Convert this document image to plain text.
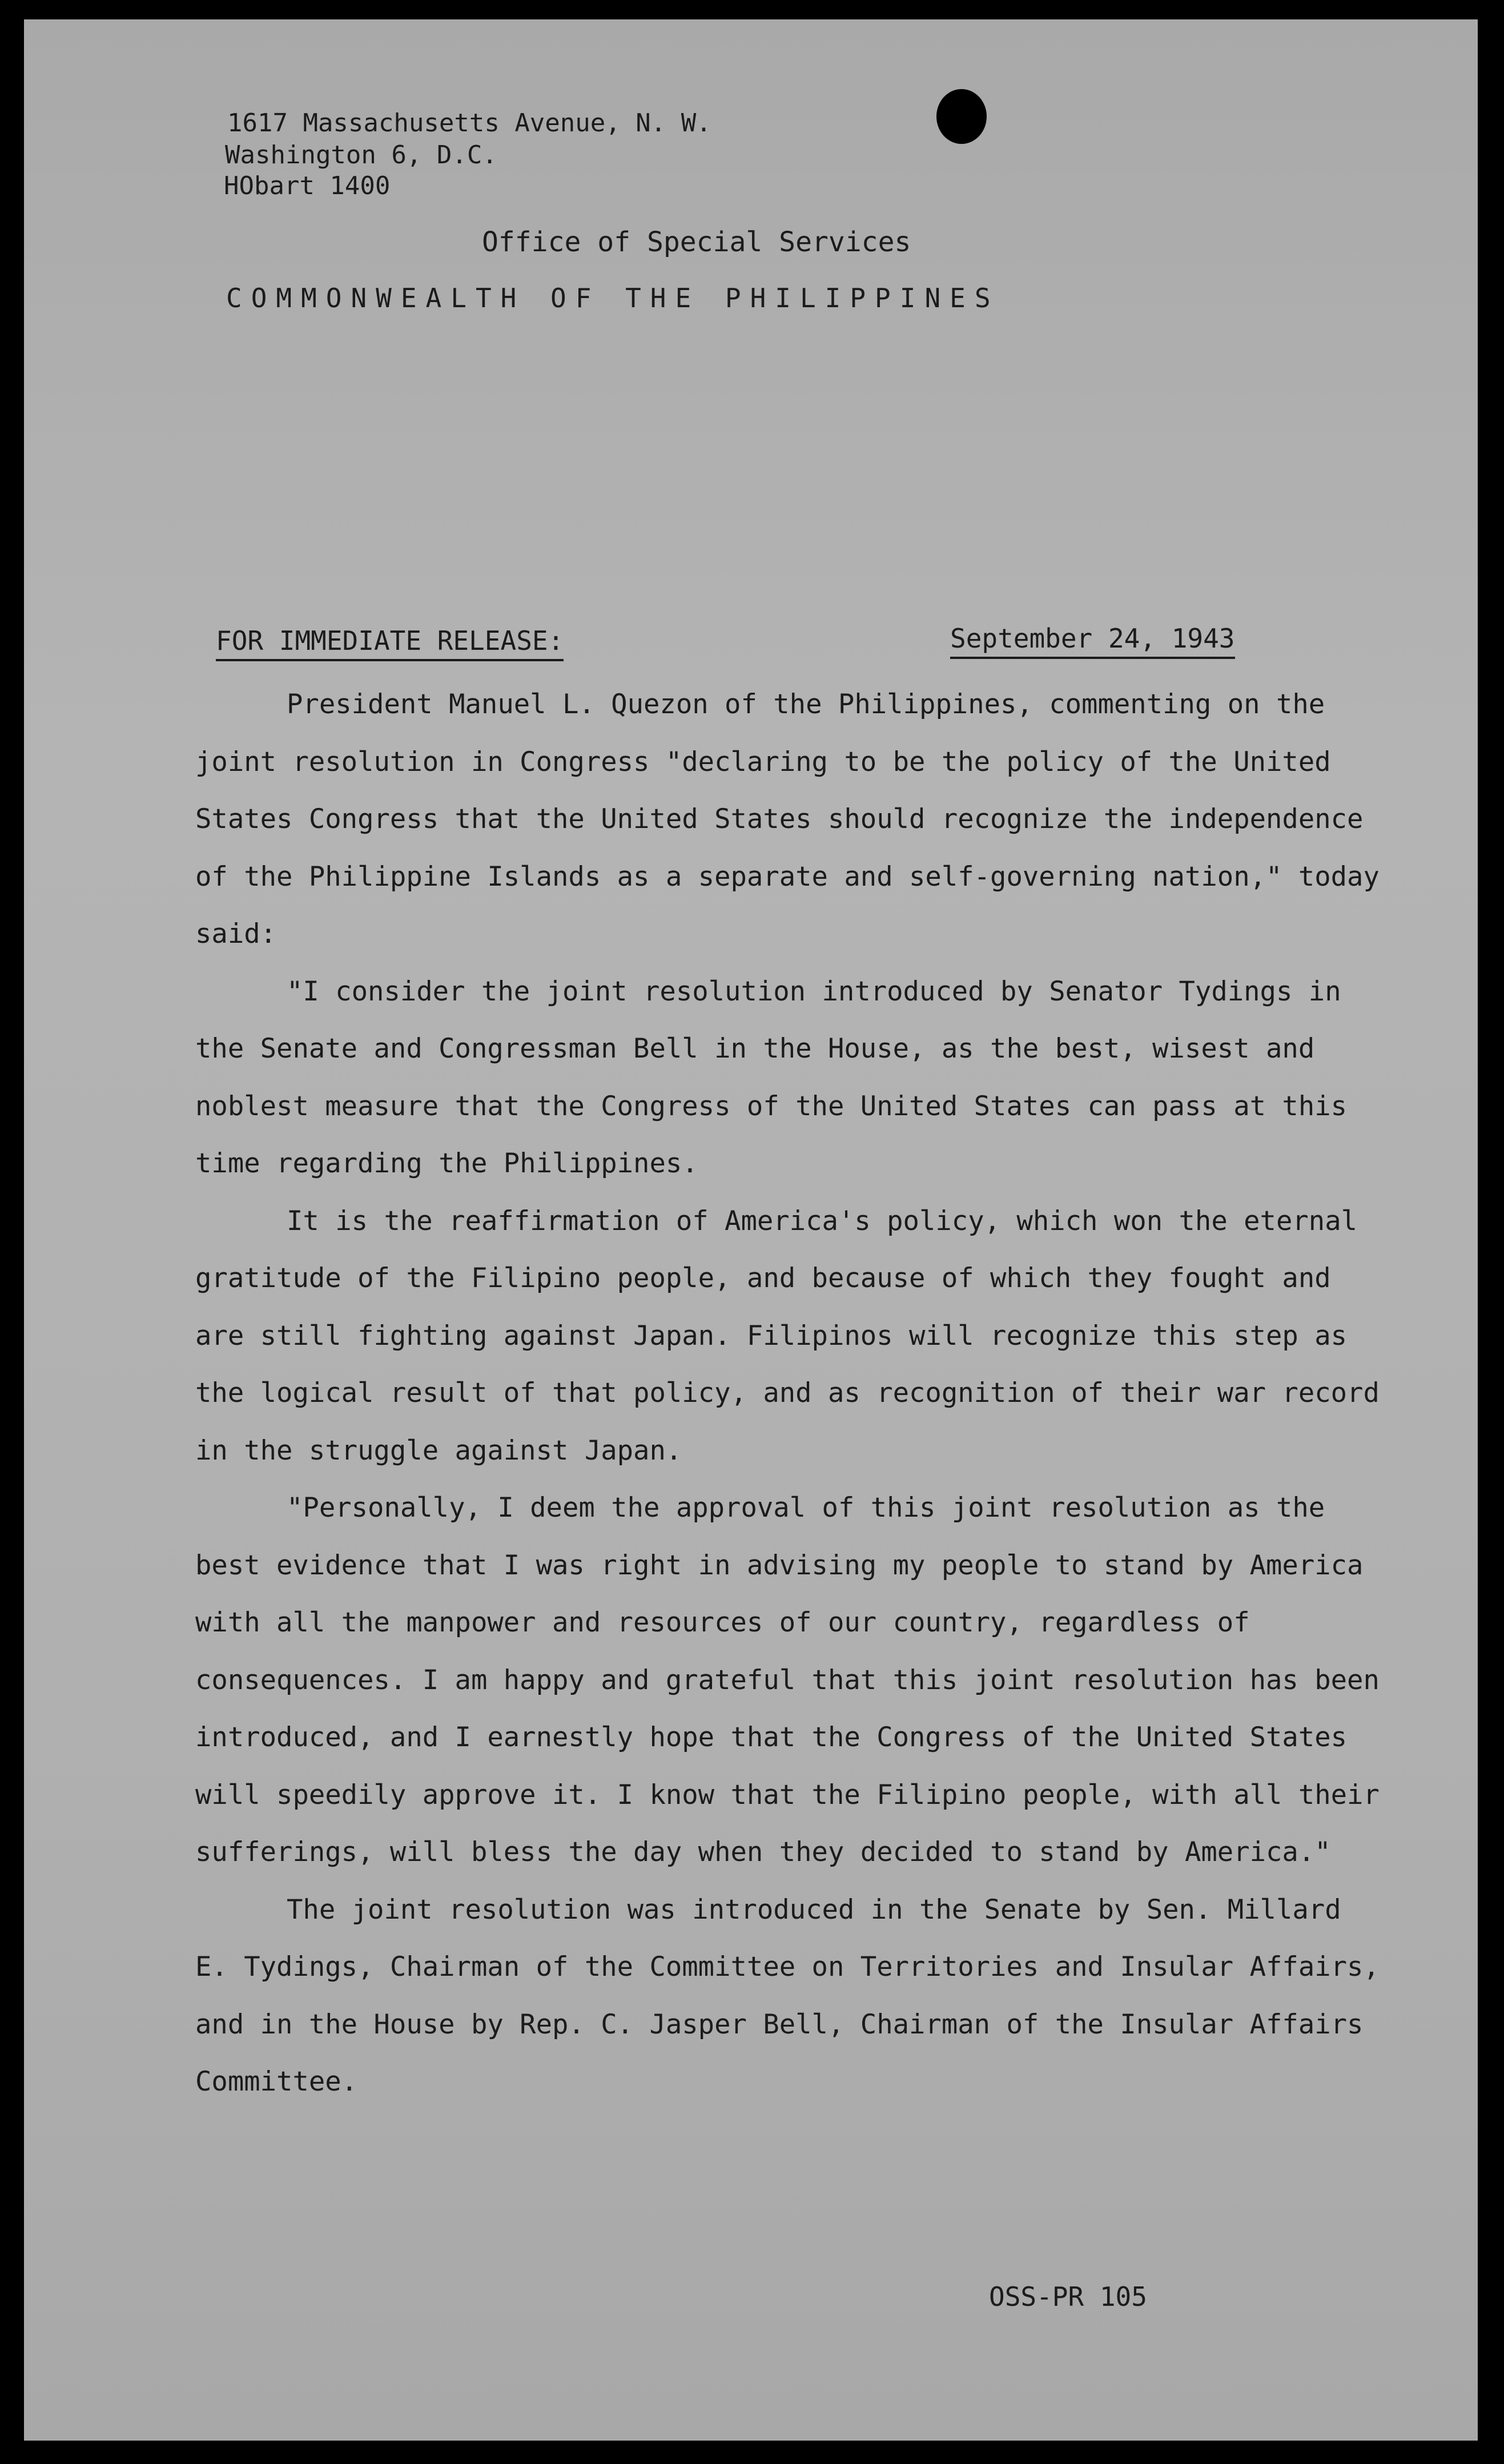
1617 Massachusetts Avenue, N. W.

Washington 6, D.C.

HObart 1400

Office of Special Services

COMMONWEALTH OF THE PHILIPPINES

FOR IMMEDIATE RELEASE:	September 24, 1943

President Manuel L. Quezon of the Philippines, commenting on the joint resolution in Congress "declaring to be the policy of the United States Congress that the United States should recognize the independence of the Philippine Islands as a separate and self-governing nation," today said:

"I consider the joint resolution introduced by Senator Tydings in the Senate and Congressman Bell in the House, as the best, wisest and noblest measure that the Congress of the United States can pass at this time regarding the Philippines.

It is the reaffirmation of America's policy, which won the eternal gratitude of the Filipino people, and because of which they fought and are still fighting against Japan. Filipinos will recognize this step as the logical result of that policy, and as recognition of their war record in the struggle against Japan.

"Personally, I deem the approval of this joint resolution as the best evidence that I was right in advising my people to stand by America with all the manpower and resources of our country, regardless of consequences. I am happy and grateful that this joint resolution has been introduced, and I earnestly hope that the Congress of the United States will speedily approve it. I know that the Filipino people, with all their sufferings, will bless the day when they decided to stand by America."

The joint resolution was introduced in the Senate by Sen. Millard E. Tydings, Chairman of the Committee on Territories and Insular Affairs, and in the House by Rep. C. Jasper Bell, Chairman of the Insular Affairs Committee.

OSS-PR 105
